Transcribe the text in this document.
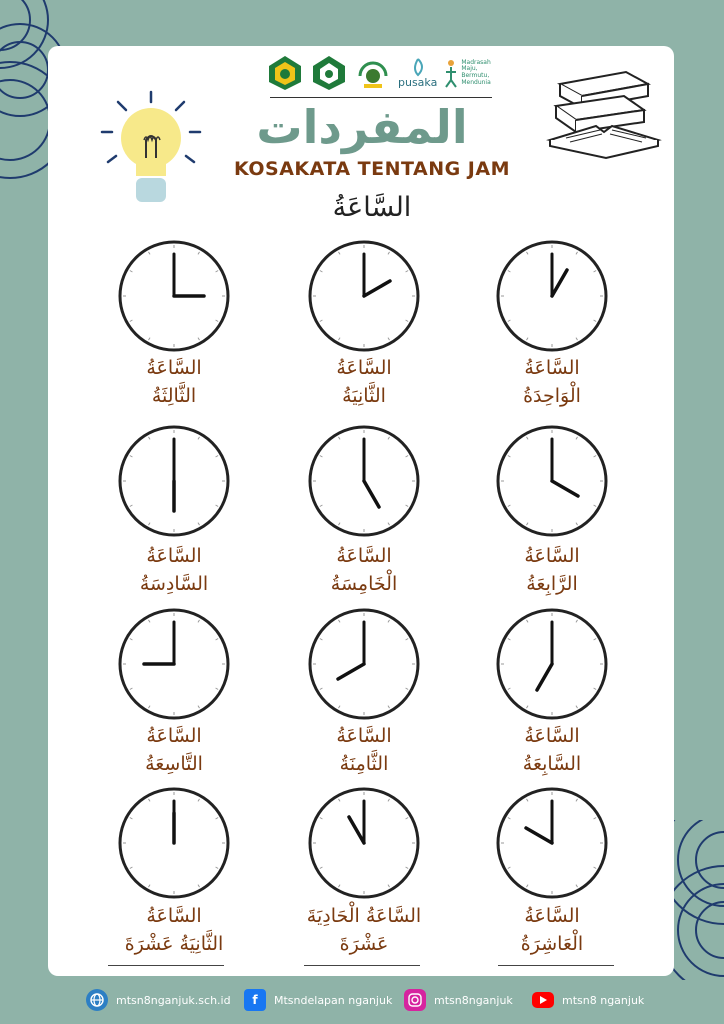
pusaka
Madrasah Maju, Bermutu, Mendunia
المفردات
KOSAKATA TENTANG JAM
السَّاعَةُ
السَّاعَةُ
الْوَاحِدَةُ
السَّاعَةُ
الثَّانِيَةُ
السَّاعَةُ
الثَّالِثَةُ
السَّاعَةُ
الرَّابِعَةُ
السَّاعَةُ
الْخَامِسَةُ
السَّاعَةُ
السَّادِسَةُ
السَّاعَةُ
السَّابِعَةُ
السَّاعَةُ
الثَّامِنَةُ
السَّاعَةُ
التَّاسِعَةُ
السَّاعَةُ
الْعَاشِرَةُ
السَّاعَةُ الْحَادِيَةَ
عَشْرَةَ
السَّاعَةُ
الثَّانِيَةُ عَشْرَةَ
mtsn8nganjuk.sch.id	f	Mtsndelapan nganjuk	mtsn8nganjuk	mtsn8 nganjuk
